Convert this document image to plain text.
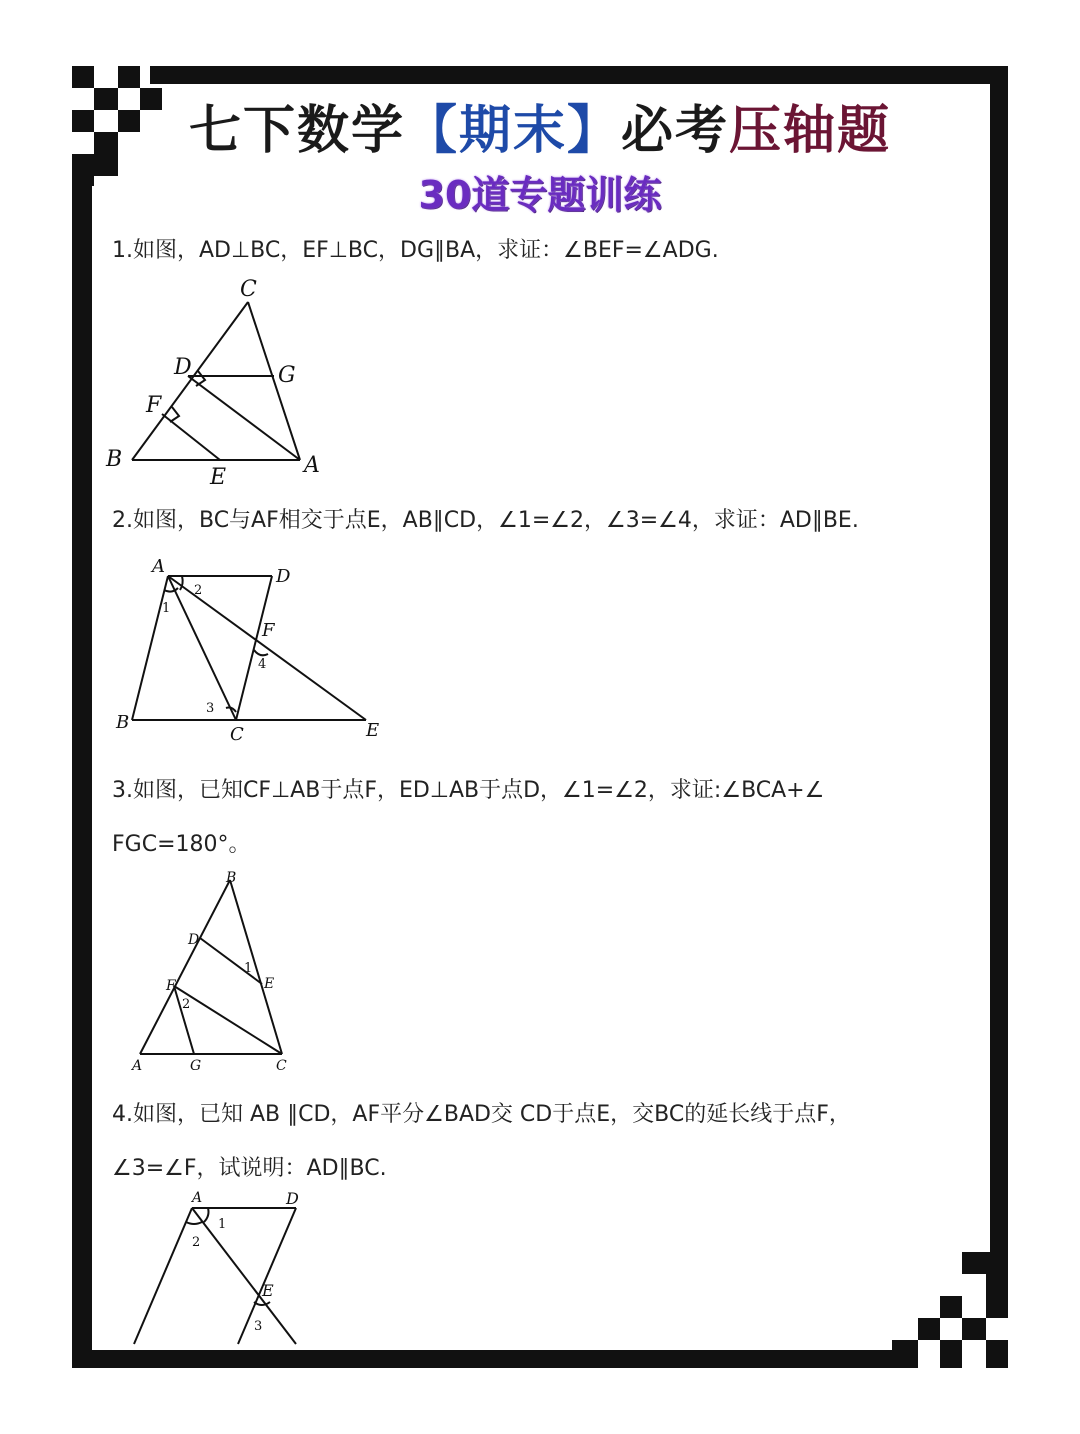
七下数学【期末】必考压轴题
30道专题训练
1.如图，AD⊥BC，EF⊥BC，DG∥BA，求证：∠BEF=∠ADG.
C
D	G
F
B
E	A
2.如图，BC与AF相交于点E，AB∥CD，∠1=∠2，∠3=∠4，求证：AD∥BE.
A	D
2
1
F
4
3
B
C	E
3.如图，已知CF⊥AB于点F，ED⊥AB于点D，∠1=∠2，求证:∠BCA+∠
FGC=180°。
B
D
1
E
F
2
A	G	C
4.如图，已知 AB ∥CD，AF平分∠BAD交 CD于点E，交BC的延长线于点F，
∠3=∠F，试说明：AD∥BC.
A	D
1
2
E
3
